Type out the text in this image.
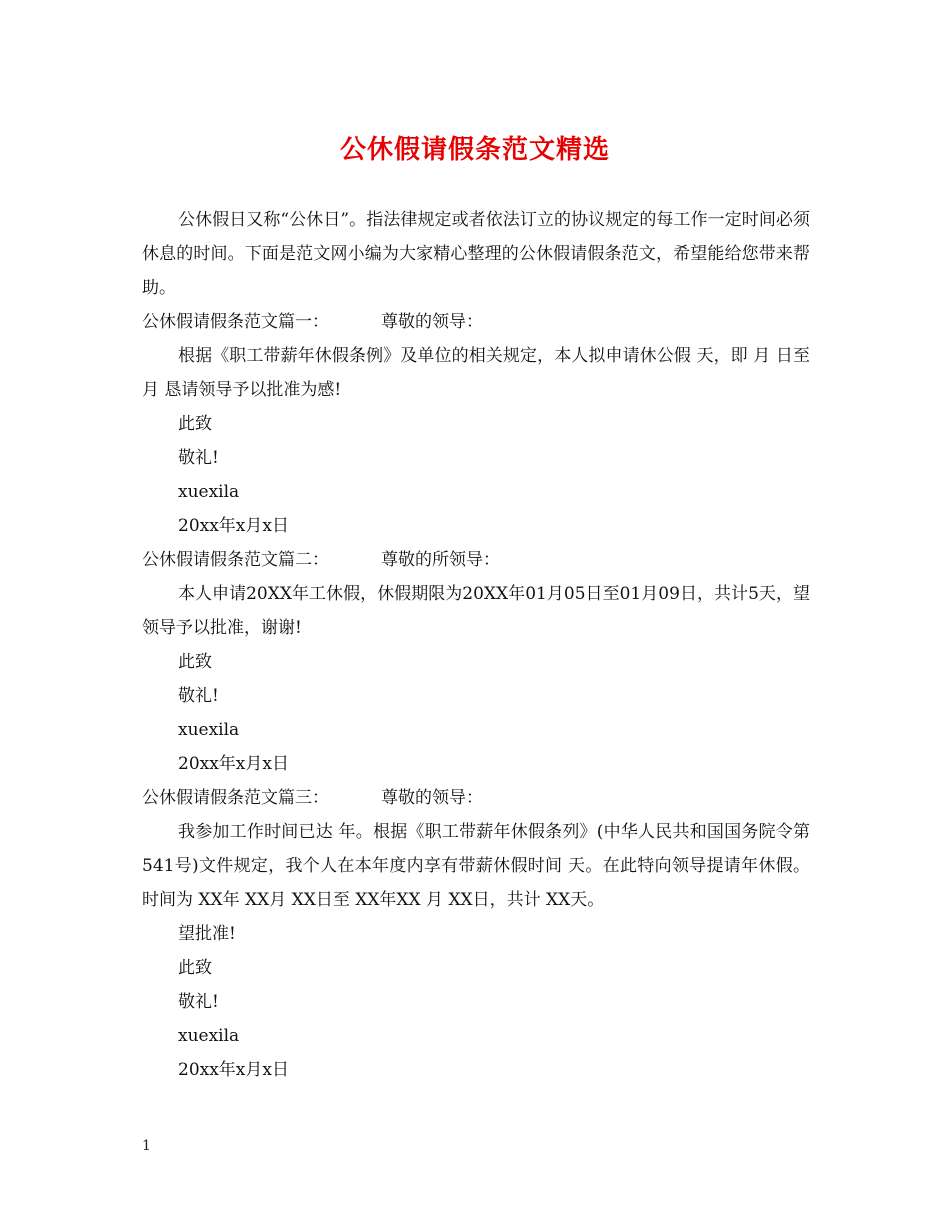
公休假请假条范文精选

公休假日又称“公休日”。指法律规定或者依法订立的协议规定的每工作一定时间必须休息的时间。下面是范文网小编为大家精心整理的公休假请假条范文，希望能给您带来帮助。

公休假请假条范文篇一：	尊敬的领导：

根据《职工带薪年休假条例》及单位的相关规定，本人拟申请休公假 天，即 月 日至 月 恳请领导予以批准为感!

此致

敬礼!

xuexila

20xx年x月x日

公休假请假条范文篇二：	尊敬的所领导：

本人申请20XX年工休假，休假期限为20XX年01月05日至01月09日，共计5天，望领导予以批准，谢谢!

此致

敬礼!

xuexila

20xx年x月x日

公休假请假条范文篇三：	尊敬的领导：

我参加工作时间已达 年。根据《职工带薪年休假条列》(中华人民共和国国务院令第541号)文件规定，我个人在本年度内享有带薪休假时间 天。在此特向领导提请年休假。时间为 XX年 XX月 XX日至 XX年XX 月 XX日，共计 XX天。

望批准!

此致

敬礼!

xuexila

20xx年x月x日

1
